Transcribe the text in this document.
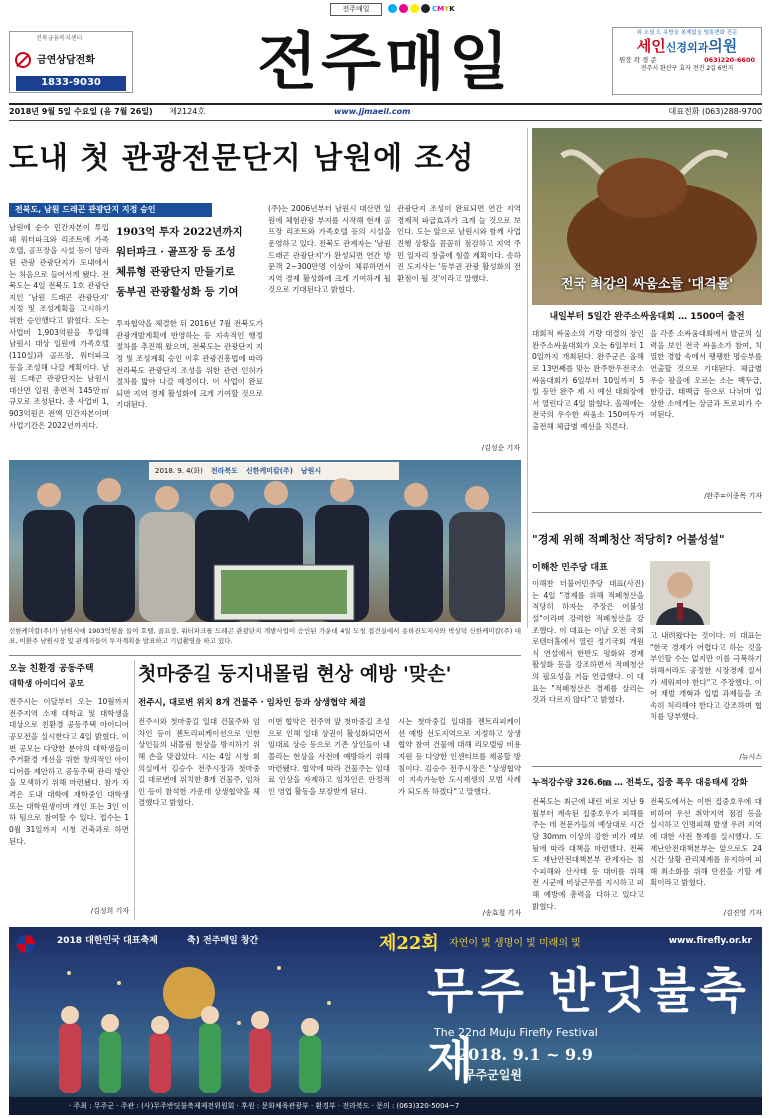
전주매일	CMYK
전북금융복지센터
금연상담전화
1833-9030	전주매일	위 소셜 도 유방을 봉제없을 떨통변화 전문
세인신경외과의원
원장 곽 경 준	063)220-6600
전주시 완산구 효자 전진 2길 6번지
2018년 9월 5일 수요일 (음 7월 26일) 제2124호	www.jjmaeil.com	대표전화 (063)288-9700
도내 첫 관광전문단지 남원에 조성
전북도, 남원 드래곤 관광단지 지정 승인
남원에 순수 민간자본이 투입돼 워터파크와 리조트에 가족호텔, 골프장을 시설 등이 망라된 관광 관광단지가 도내에서는 처음으로 들어서게 됐다. 전북도는 4일 전북도 1호 관광단지인 '남원 드래곤 관광단지' 지정 및 조성계획을 고시하기 위한 승인했다고 밝혔다. 도는 사업비 1,903억원을 투입해 남원시 대상 일원에 가족호텔 (110실)과 골프장, 워터파크 등을 조성해 나갈 계획이다. 남원 드래곤 관광단지는 남원시 대산면 일원 총면적 145만㎡ 규모로 조성된다. 총 사업비 1,903억원은 전액 민간자본이며 사업기간은 2022년까지다.
1903억 투자 2022년까지
워터파크 · 골프장 등 조성
체류형 관광단지 만들기로
동부권 관광활성화 등 기여
투자협약을 체결한 뒤 2016년 7월 전북도가 관광개발계획에 반영하는 등 지속적인 행정절차를 추진해 왔으며, 전북도는 관광단지 지정 및 조성계획 승인 이후 관광진흥법에 따라 전라북도 관광단지 조성을 위한 관련 인허가 절차를 밟아 나갈 예정이다. 이 사업이 완료되면 지역 경제 활성화에 크게 기여할 것으로 기대된다.
(주)는 2006년부터 남원시 대산면 일원에 체험관광 부지를 시작해 현재 골프장 리조트와 가족호텔 등의 시설을 운영하고 있다. 전북도 관계자는 '남원 드래곤 관광단지'가 완성되면 연간 방문객 2~300만명 이상이 체류하면서 지역 경제 활성화에 크게 기여하게 될 것으로 기대된다고 밝혔다.
관광단지 조성이 완료되면 연간 지역 경제적 파급효과가 크게 늘 것으로 보인다. 도는 앞으로 남원시와 함께 사업 진행 상황을 꼼꼼히 점검하고 지역 주민 일자리 창출에 힘쓸 계획이다. 송하진 도지사는 '동부권 관광 활성화의 전환점이 될 것'이라고 말했다.
/김성순 기자
2018. 9. 4(화) 전라북도 신한케미칼(주) 남원시
신한케미칼(주)가 남원시에 1903억원을 들여 호텔, 골프장, 워터파크를 드래곤 관광단지 개발사업이 승인된 가운데 4일 도청 접견실에서 송하진도지사와 박상덕 신한케미칼(주) 대표, 이환주 남원시장 및 관계자들이 투자계획을 발표하고 기념촬영을 하고 있다.
전국 최강의 싸움소들 '대격돌'
내일부터 5일간 완주소싸움대회 … 1500여 출전
대회적 싸움소의 기량 대결의 장인 완주소싸움대회가 오는 6일부터 10일까지 개최된다. 완주군은 올해로 13번째를 맞는 완주한우전국소싸움대회가 6일부터 10일까지 5일 동안 완주 제 시 예선 대회장에서 열린다고 4일 밝혔다. 올해에는 전국의 우수한 싸움소 150여두가 출전해 체급별 예선을 치른다.
을 각종 소싸움대회에서 발군의 실력을 보인 전국 싸움소가 참여, 치열한 경합 속에서 팽팽한 명승부를 연출할 것으로 기대된다. 체급별 우승 팔을에 오르는 소는 백두급, 한강급, 태백급 등으로 나뉘며 입상한 소에게는 상금과 트로피가 수여된다.
/완주=이종목 기자
"경제 위해 적폐청산 적당히? 어불성설"
이해찬 민주당 대표
이해찬 더불어민주당 대표(사진)는 4일 "경제를 위해 적폐청산을 적당히 하자는 주장은 어불성설"이라며 강력한 적폐청산을 강조했다. 이 대표는 이날 오전 국회 로텐더홀에서 열린 정기국회 개원식 연설에서 한반도 평화와 경제 활성화 등을 강조하면서 적폐청산의 필요성을 거듭 언급했다. 이 대표는 "적폐청산은 경제를 살리는 것과 다르지 않다"고 밝혔다.
고 내려왔다는 것이다. 이 대표는 "한국 경제가 어렵다고 하는 것을 부인할 수는 없지만 이를 극복하기 위해서라도 공정한 시장경제 질서가 세워져야 한다"고 주장했다. 이어 재벌 개혁과 입법 과제들을 조속히 처리해야 한다고 강조하며 협치를 당부했다.
/뉴시스
누적강수량 326.6㎜ … 전북도, 집중 폭우 대응태세 강화
전북도는 최근에 내린 비로 지난 9월부터 계속된 집중호우가 피해를 주는 데 전문가들의 예상대로 시간당 30mm 이상의 강한 비가 예보됨에 따라 대책을 마련했다. 전북도 재난안전대책본부 관계자는 침수피해와 산사태 등 대비를 위해 전 시군에 비상근무를 지시하고 피해 예방에 총력을 다하고 있다고 밝혔다.
전북도에서는 이번 집중호우에 대비하여 우선 취약지역 점검 등을 실시하고 인명피해 발생 우려 지역에 대한 사전 통제를 실시했다. 도 재난안전대책본부는 앞으로도 24시간 상황 관리체계를 유지하여 피해 최소화를 위해 만전을 기할 계획이라고 밝혔다.
/김진영 기자
오늘 친환경 공동주택
대학생 아이디어 공모
전주시는 이달부터 오는 10월까지 전주지역 소재 대학교 및 대학생을 대상으로 친환경 공동주택 아이디어 공모전을 실시한다고 4일 밝혔다. 이번 공모는 다양한 분야의 대학생들이 주거환경 개선을 위한 창의적인 아이디어를 제안하고 공동주택 관리 방안을 모색하기 위해 마련됐다. 참가 자격은 도내 대학에 재학중인 대학생 또는 대학원생이며 개인 또는 3인 이하 팀으로 참여할 수 있다. 접수는 10월 31일까지 시청 건축과로 하면 된다.
/김성희 기자
첫마중길 둥지내몰림 현상 예방 '맞손'
전주시, 대로변 위치 8개 건물주 · 임차인 등과 상생협약 체결
전주시와 첫마중길 일대 건물주와 임차인 등이 젠트리피케이션으로 인한 상인들의 내몰림 현상을 방지하기 위해 손을 맞잡았다. 시는 4일 시청 회의실에서 김승수 전주시장과 첫마중길 대로변에 위치한 8개 건물주, 임차인 등이 참석한 가운데 상생협약을 체결했다고 밝혔다.
이번 협약은 전주역 앞 첫마중길 조성으로 인해 일대 상권이 활성화되면서 임대료 상승 등으로 기존 상인들이 내몰리는 현상을 사전에 예방하기 위해 마련됐다. 협약에 따라 건물주는 임대료 인상을 자제하고 임차인은 안정적인 영업 활동을 보장받게 된다.
시는 첫마중길 일대를 젠트리피케이션 예방 선도지역으로 지정하고 상생 협약 참여 건물에 대해 리모델링 비용 지원 등 다양한 인센티브를 제공할 방침이다. 김승수 전주시장은 "상생협약이 지속가능한 도시재생의 모범 사례가 되도록 하겠다"고 말했다.
/송효철 기자
2018 대한민국 대표축제	축) 전주매일 창간	제22회 자연이 빛 생명이 빛 미래의 빛	www.firefly.or.kr
무주 반딧불축제
The 22nd Muju Firefly Festival
2018. 9.1 ~ 9.9
무주군일원
· 주최 : 무주군 · 주관 : (사)무주반딧불축제제전위원회 · 후원 : 문화체육관광부 · 환경부 · 전라북도 · 문의 : (063)320-5004~7
